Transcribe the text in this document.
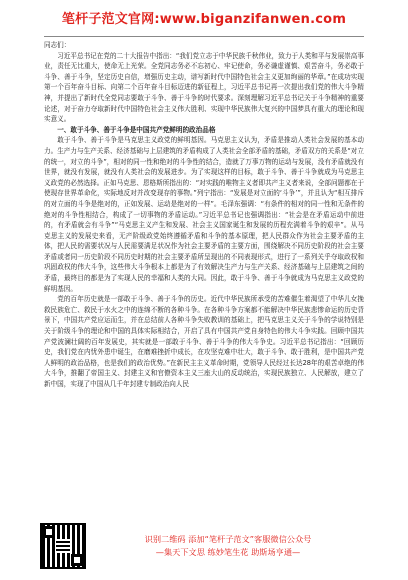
笔杆子范文官网:www.biganzifanwen.com

同志们：

习近平总书记在党的二十大报告中指出：“我们党立志于中华民族千秋伟业，致力于人类和平与发展崇高事业，责任无比重大，使命无上光荣。全党同志务必不忘初心、牢记使命，务必谦虚谨慎、艰苦奋斗，务必敢于斗争、善于斗争，坚定历史自信，增强历史主动，谱写新时代中国特色社会主义更加绚丽的华章。”在成功实现第一个百年奋斗目标、向第二个百年奋斗目标迈进的新征程上，习近平总书记再一次提出我们党的伟大斗争精神，并提出了新时代全党同志要敢于斗争、善于斗争的时代要求。深刻理解习近平总书记关于斗争精神的重要论述，对于奋力夺取新时代中国特色社会主义伟大胜利、实现中华民族伟大复兴的中国梦具有重大的理论和现实意义。

一、敢于斗争、善于斗争是中国共产党鲜明的政治品格

敢于斗争、善于斗争是马克思主义政党的鲜明基因。马克思主义认为，矛盾是推动人类社会发展的基本动力。生产力与生产关系、经济基础与上层建筑的矛盾构成了人类社会全部矛盾的基础，矛盾双方的关系是“对立的统一，对立的斗争”，相对的同一性和绝对的斗争性的结合，造就了万事万物的运动与发展，没有矛盾就没有世界，就没有发展，就没有人类社会的发展进步。为了实现这样的目标，敢于斗争、善于斗争就成为马克思主义政党的必然选择。正如马克思、恩格斯所指出的：“对实践的唯物主义者即共产主义者来说，全部问题都在于使现存世界革命化，实际地反对并改变现存的事物。”列宁指出：“发展是对立面的‘斗争’”，并且认为“相互排斥的对立面的斗争是绝对的，正如发展、运动是绝对的一样”。毛泽东强调：“有条件的相对的同一性和无条件的绝对的斗争性相结合，构成了一切事物的矛盾运动。”习近平总书记也强调指出：“社会是在矛盾运动中前进的，有矛盾就会有斗争”“马克思主义产生和发展、社会主义国家诞生和发展的历程充满着斗争的艰辛”。从马克思主义的发展史来看，无产阶级政党始终遵循矛盾和斗争的基本原理，把人民群众作为社会主要矛盾的主体，把人民的需要状况与人民需要满足状况作为社会主要矛盾的主要方面，围绕解决不同历史阶段的社会主要矛盾或者同一历史阶段不同历史时期的社会主要矛盾所呈现出的不同表现形式，进行了一系列关乎夺取政权和巩固政权的伟大斗争，这些伟大斗争根本上都是为了有效解决生产力与生产关系、经济基础与上层建筑之间的矛盾，最终目的都是为了实现人民的幸福和人类的大同。因此，敢于斗争、善于斗争就成为马克思主义政党的鲜明基因。

党的百年历史就是一部敢于斗争、善于斗争的历史。近代中华民族所承受的苦难催生着渴望了中华儿女挽救民族危亡、救民于水火之中的连绵不断的各种斗争。在各种斗争方案都不能解决中华民族悲惨命运的历史背景下，中国共产党应运而生，并在总结前人各种斗争失败教训的基础上，把马克思主义关于斗争的学说特别是关于阶级斗争的理论和中国的具体实际相结合，开启了具有中国共产党自身特色的伟大斗争实践。回顾中国共产党波澜壮阔的百年发展史，其实就是一部敢于斗争、善于斗争的伟大斗争史。习近平总书记指出：“回顾历史，我们党在内忧外患中诞生，在磨难挫折中成长，在攻坚克难中壮大，敢于斗争、敢于胜利，是中国共产党人鲜明的政治品格，也是我们的政治优势。”在新民主主义革命时期，党领导人民经过长达28年的艰苦卓绝的伟大斗争，推翻了帝国主义、封建主义和官僚资本主义三座大山的反动统治，实现民族独立、人民解放，建立了新中国，实现了中国从几千年封建专制政治向人民

识别二维码 添加“笔杆子范文”客服微信公众号
—集天下文思 练妙笔生花 助斯场亨通—
